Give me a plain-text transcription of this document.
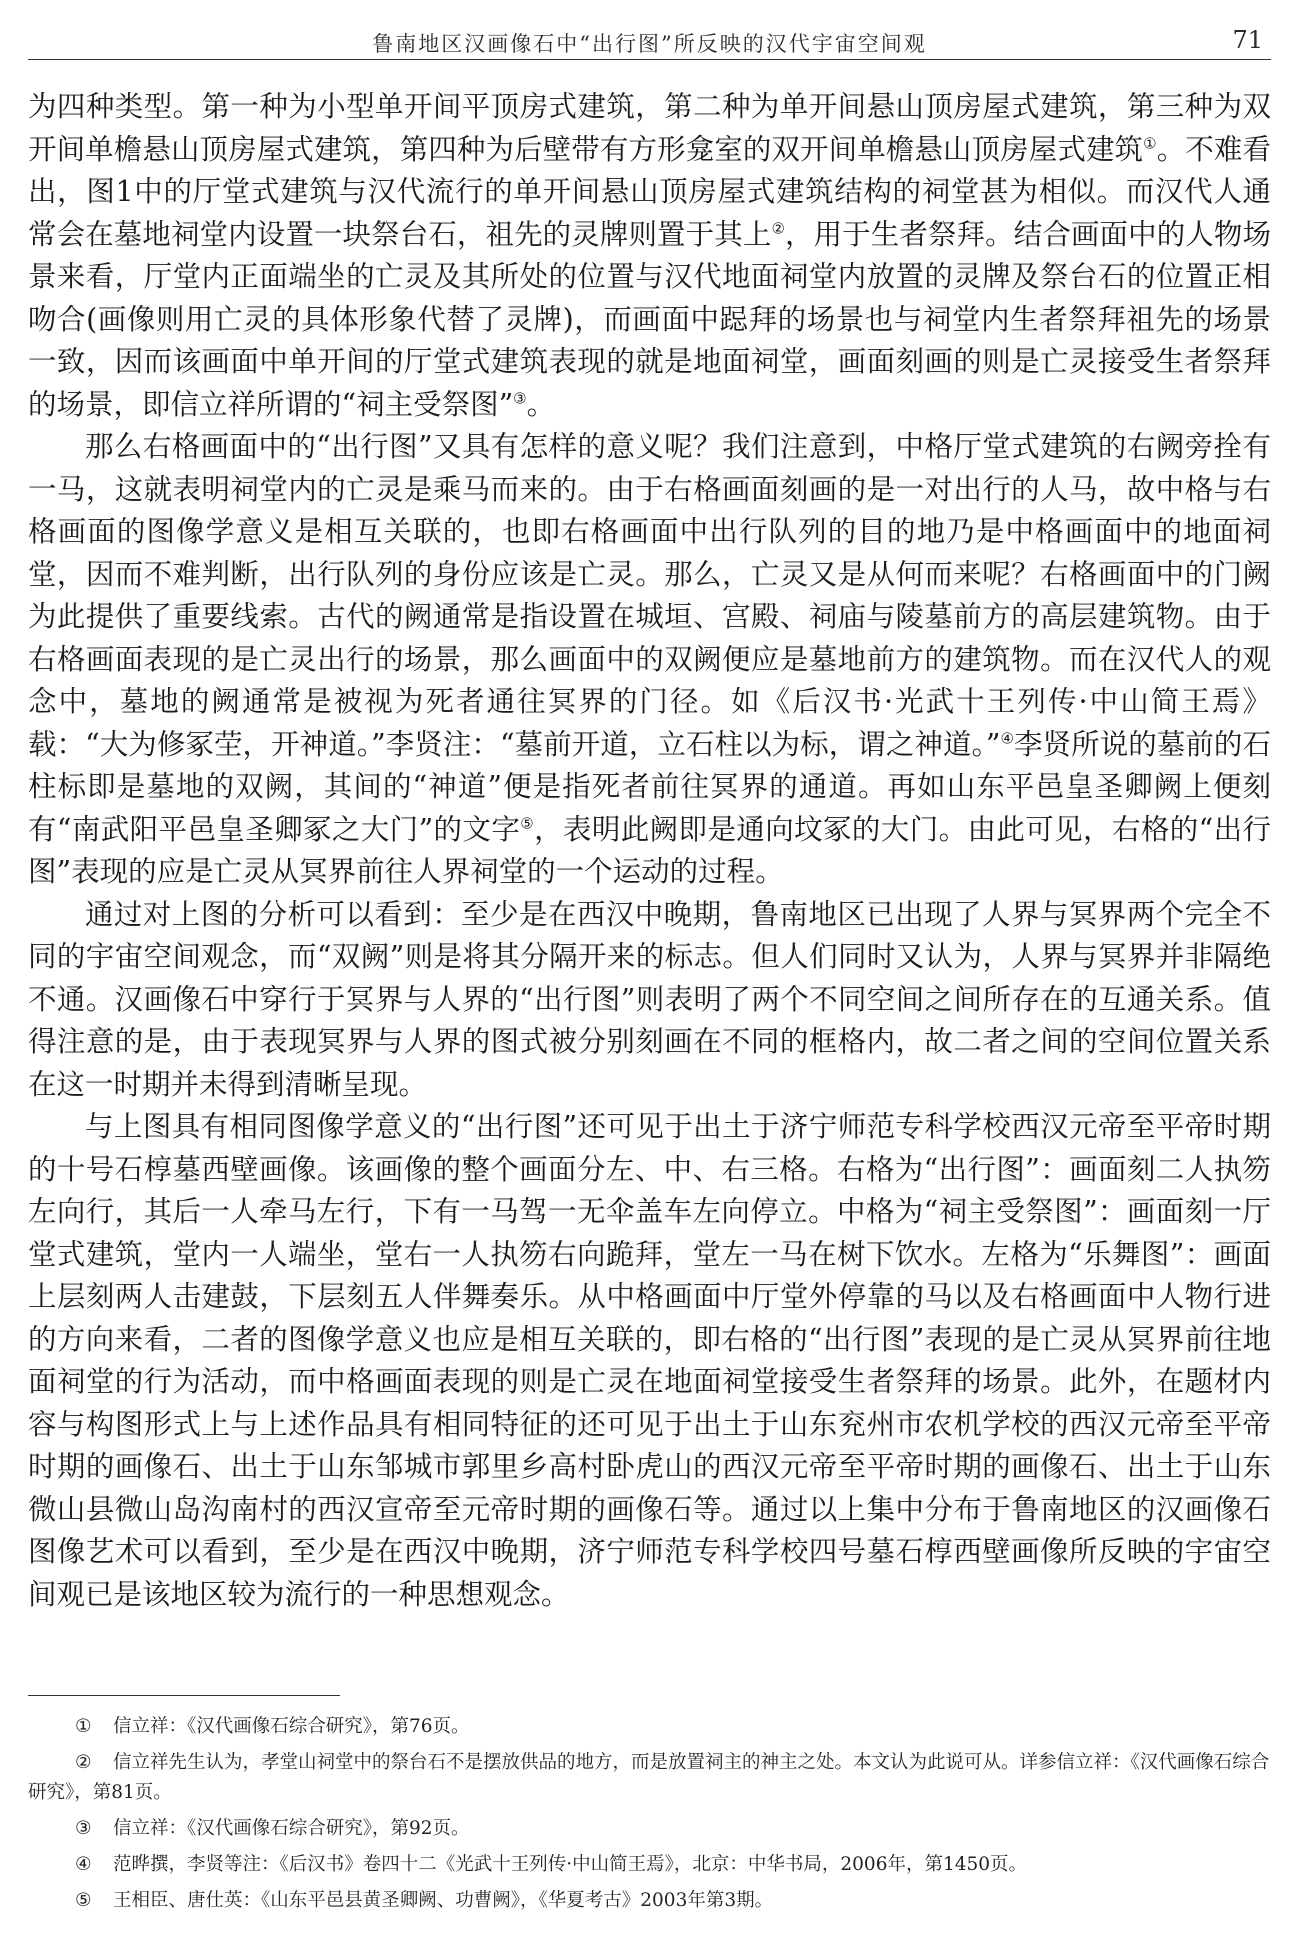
鲁南地区汉画像石中“出行图”所反映的汉代宇宙空间观	71

为四种类型。第一种为小型单开间平顶房式建筑，第二种为单开间悬山顶房屋式建筑，第三种为双开间单檐悬山顶房屋式建筑，第四种为后壁带有方形龛室的双开间单檐悬山顶房屋式建筑①。不难看出，图1中的厅堂式建筑与汉代流行的单开间悬山顶房屋式建筑结构的祠堂甚为相似。而汉代人通常会在墓地祠堂内设置一块祭台石，祖先的灵牌则置于其上②，用于生者祭拜。结合画面中的人物场景来看，厅堂内正面端坐的亡灵及其所处的位置与汉代地面祠堂内放置的灵牌及祭台石的位置正相吻合(画像则用亡灵的具体形象代替了灵牌)，而画面中跽拜的场景也与祠堂内生者祭拜祖先的场景一致，因而该画面中单开间的厅堂式建筑表现的就是地面祠堂，画面刻画的则是亡灵接受生者祭拜的场景，即信立祥所谓的“祠主受祭图”③。

那么右格画面中的“出行图”又具有怎样的意义呢？我们注意到，中格厅堂式建筑的右阙旁拴有一马，这就表明祠堂内的亡灵是乘马而来的。由于右格画面刻画的是一对出行的人马，故中格与右格画面的图像学意义是相互关联的，也即右格画面中出行队列的目的地乃是中格画面中的地面祠堂，因而不难判断，出行队列的身份应该是亡灵。那么，亡灵又是从何而来呢？右格画面中的门阙为此提供了重要线索。古代的阙通常是指设置在城垣、宫殿、祠庙与陵墓前方的高层建筑物。由于右格画面表现的是亡灵出行的场景，那么画面中的双阙便应是墓地前方的建筑物。而在汉代人的观念中，墓地的阙通常是被视为死者通往冥界的门径。如《后汉书·光武十王列传·中山简王焉》载：“大为修冢茔，开神道。”李贤注：“墓前开道，立石柱以为标，谓之神道。”④李贤所说的墓前的石柱标即是墓地的双阙，其间的“神道”便是指死者前往冥界的通道。再如山东平邑皇圣卿阙上便刻有“南武阳平邑皇圣卿冢之大门”的文字⑤，表明此阙即是通向坟冢的大门。由此可见，右格的“出行图”表现的应是亡灵从冥界前往人界祠堂的一个运动的过程。

通过对上图的分析可以看到：至少是在西汉中晚期，鲁南地区已出现了人界与冥界两个完全不同的宇宙空间观念，而“双阙”则是将其分隔开来的标志。但人们同时又认为，人界与冥界并非隔绝不通。汉画像石中穿行于冥界与人界的“出行图”则表明了两个不同空间之间所存在的互通关系。值得注意的是，由于表现冥界与人界的图式被分别刻画在不同的框格内，故二者之间的空间位置关系在这一时期并未得到清晰呈现。

与上图具有相同图像学意义的“出行图”还可见于出土于济宁师范专科学校西汉元帝至平帝时期的十号石椁墓西壁画像。该画像的整个画面分左、中、右三格。右格为“出行图”：画面刻二人执笏左向行，其后一人牵马左行，下有一马驾一无伞盖车左向停立。中格为“祠主受祭图”：画面刻一厅堂式建筑，堂内一人端坐，堂右一人执笏右向跪拜，堂左一马在树下饮水。左格为“乐舞图”：画面上层刻两人击建鼓，下层刻五人伴舞奏乐。从中格画面中厅堂外停靠的马以及右格画面中人物行进的方向来看，二者的图像学意义也应是相互关联的，即右格的“出行图”表现的是亡灵从冥界前往地面祠堂的行为活动，而中格画面表现的则是亡灵在地面祠堂接受生者祭拜的场景。此外，在题材内容与构图形式上与上述作品具有相同特征的还可见于出土于山东兖州市农机学校的西汉元帝至平帝时期的画像石、出土于山东邹城市郭里乡高村卧虎山的西汉元帝至平帝时期的画像石、出土于山东微山县微山岛沟南村的西汉宣帝至元帝时期的画像石等。通过以上集中分布于鲁南地区的汉画像石图像艺术可以看到，至少是在西汉中晚期，济宁师范专科学校四号墓石椁西壁画像所反映的宇宙空间观已是该地区较为流行的一种思想观念。

① 信立祥：《汉代画像石综合研究》，第76页。
②	信立祥先生认为，孝堂山祠堂中的祭台石不是摆放供品的地方，而是放置祠主的神主之处。本文认为此说可从。详参信立祥：《汉代画像石综合研究》，第81页。
③ 信立祥：《汉代画像石综合研究》，第92页。
④ 范晔撰，李贤等注：《后汉书》卷四十二《光武十王列传·中山简王焉》，北京：中华书局，2006年，第1450页。
⑤ 王相臣、唐仕英：《山东平邑县黄圣卿阙、功曹阙》，《华夏考古》2003年第3期。
